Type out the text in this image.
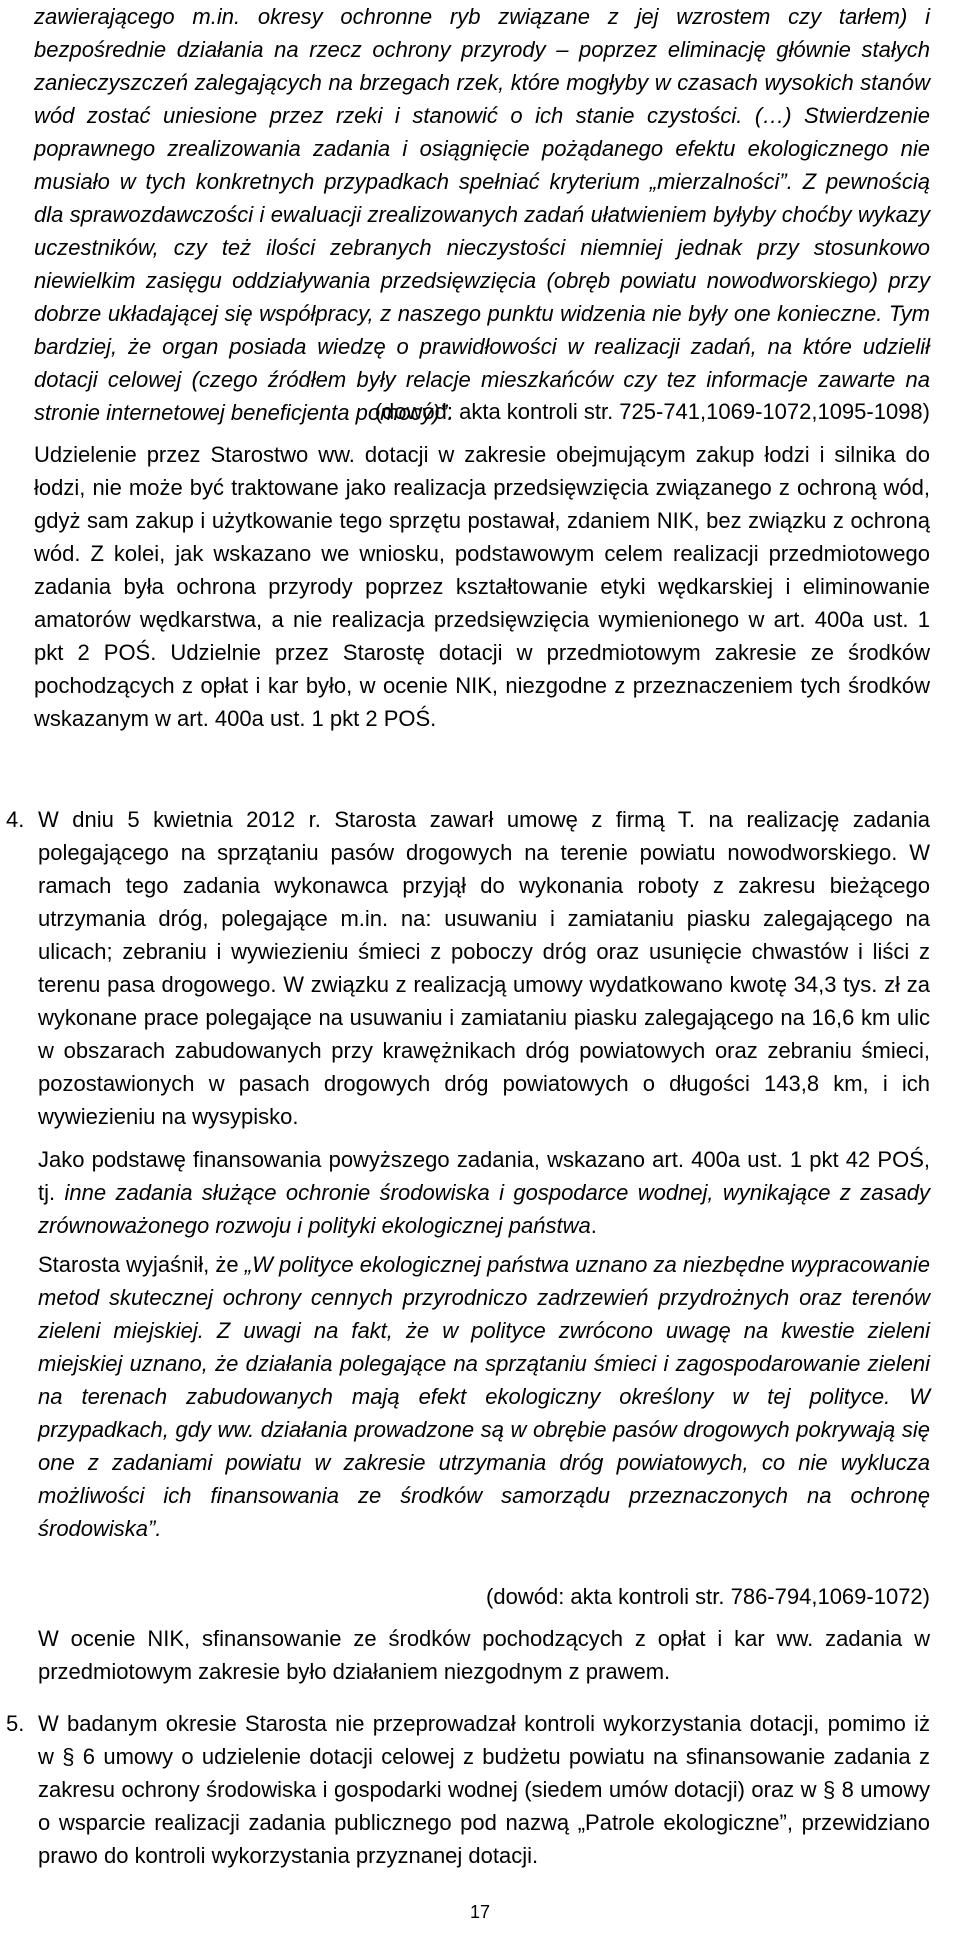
zawierającego m.in. okresy ochronne ryb związane z jej wzrostem czy tarłem) i bezpośrednie działania na rzecz ochrony przyrody – poprzez eliminację głównie stałych zanieczyszczeń zalegających na brzegach rzek, które mogłyby w czasach wysokich stanów wód zostać uniesione przez rzeki i stanowić o ich stanie czystości. (…) Stwierdzenie poprawnego zrealizowania zadania i osiągnięcie pożądanego efektu ekologicznego nie musiało w tych konkretnych przypadkach spełniać kryterium „mierzalności”. Z pewnością dla sprawozdawczości i ewaluacji zrealizowanych zadań ułatwieniem byłyby choćby wykazy uczestników, czy też ilości zebranych nieczystości niemniej jednak przy stosunkowo niewielkim zasięgu oddziaływania przedsięwzięcia (obręb powiatu nowodworskiego) przy dobrze układającej się współpracy, z naszego punktu widzenia nie były one konieczne. Tym bardziej, że organ posiada wiedzę o prawidłowości w realizacji zadań, na które udzielił dotacji celowej (czego źródłem były relacje mieszkańców czy tez informacje zawarte na stronie internetowej beneficjenta pomocy)”.

(dowód: akta kontroli str. 725-741,1069-1072,1095-1098)

Udzielenie przez Starostwo ww. dotacji w zakresie obejmującym zakup łodzi i silnika do łodzi, nie może być traktowane jako realizacja przedsięwzięcia związanego z ochroną wód, gdyż sam zakup i użytkowanie tego sprzętu postawał, zdaniem NIK, bez związku z ochroną wód. Z kolei, jak wskazano we wniosku, podstawowym celem realizacji przedmiotowego zadania była ochrona przyrody poprzez kształtowanie etyki wędkarskiej i eliminowanie amatorów wędkarstwa, a nie realizacja przedsięwzięcia wymienionego w art. 400a ust. 1 pkt 2 POŚ. Udzielnie przez Starostę dotacji w przedmiotowym zakresie ze środków pochodzących z opłat i kar było, w ocenie NIK, niezgodne z przeznaczeniem tych środków wskazanym w art. 400a ust. 1 pkt 2 POŚ.

4. W dniu 5 kwietnia 2012 r. Starosta zawarł umowę z firmą T. na realizację zadania polegającego na sprzątaniu pasów drogowych na terenie powiatu nowodworskiego. W ramach tego zadania wykonawca przyjął do wykonania roboty z zakresu bieżącego utrzymania dróg, polegające m.in. na: usuwaniu i zamiataniu piasku zalegającego na ulicach; zebraniu i wywiezieniu śmieci z poboczy dróg oraz usunięcie chwastów i liści z terenu pasa drogowego. W związku z realizacją umowy wydatkowano kwotę 34,3 tys. zł za wykonane prace polegające na usuwaniu i zamiataniu piasku zalegającego na 16,6 km ulic w obszarach zabudowanych przy krawężnikach dróg powiatowych oraz zebraniu śmieci, pozostawionych w pasach drogowych dróg powiatowych o długości 143,8 km, i ich wywiezieniu na wysypisko.

Jako podstawę finansowania powyższego zadania, wskazano art. 400a ust. 1 pkt 42 POŚ, tj. inne zadania służące ochronie środowiska i gospodarce wodnej, wynikające z zasady zrównoważonego rozwoju i polityki ekologicznej państwa.

Starosta wyjaśnił, że „W polityce ekologicznej państwa uznano za niezbędne wypracowanie metod skutecznej ochrony cennych przyrodniczo zadrzewień przydrożnych oraz terenów zieleni miejskiej. Z uwagi na fakt, że w polityce zwrócono uwagę na kwestie zieleni miejskiej uznano, że działania polegające na sprzątaniu śmieci i zagospodarowanie zieleni na terenach zabudowanych mają efekt ekologiczny określony w tej polityce. W przypadkach, gdy ww. działania prowadzone są w obrębie pasów drogowych pokrywają się one z zadaniami powiatu w zakresie utrzymania dróg powiatowych, co nie wyklucza możliwości ich finansowania ze środków samorządu przeznaczonych na ochronę środowiska”.

(dowód: akta kontroli str. 786-794,1069-1072)

W ocenie NIK, sfinansowanie ze środków pochodzących z opłat i kar ww. zadania w przedmiotowym zakresie było działaniem niezgodnym z prawem.

5. W badanym okresie Starosta nie przeprowadzał kontroli wykorzystania dotacji, pomimo iż w § 6 umowy o udzielenie dotacji celowej z budżetu powiatu na sfinansowanie zadania z zakresu ochrony środowiska i gospodarki wodnej (siedem umów dotacji) oraz w § 8 umowy o wsparcie realizacji zadania publicznego pod nazwą „Patrole ekologiczne”, przewidziano prawo do kontroli wykorzystania przyznanej dotacji.

17
